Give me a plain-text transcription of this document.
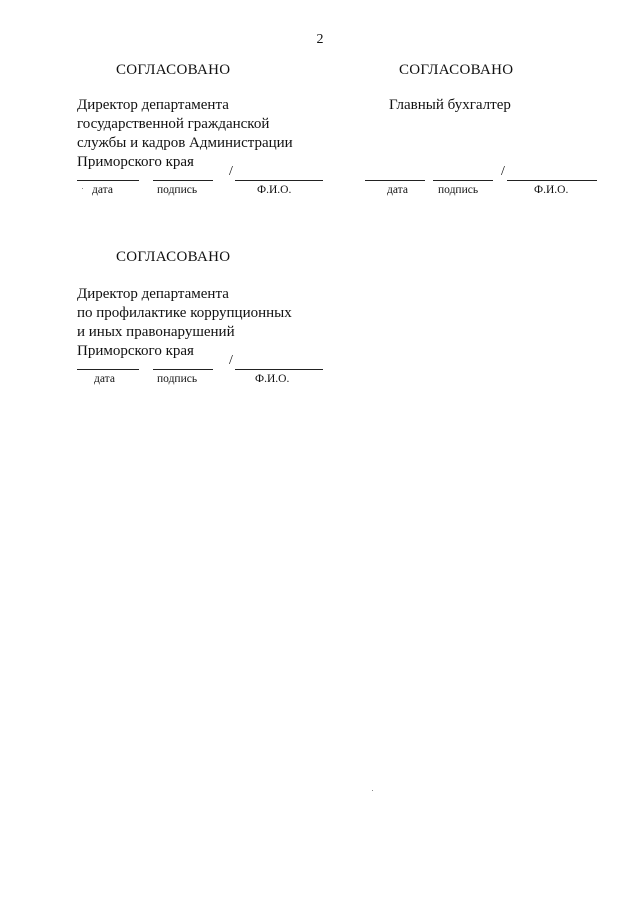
2
СОГЛАСОВАНО
Директор департамента
государственной гражданской
службы и кадров Администрации
Приморского края
/
дата	подпись	Ф.И.О.
СОГЛАСОВАНО
Главный бухгалтер
/
дата	подпись	Ф.И.О.
СОГЛАСОВАНО
Директор департамента
по профилактике коррупционных
и иных правонарушений
Приморского края
/
дата	подпись	Ф.И.О.
